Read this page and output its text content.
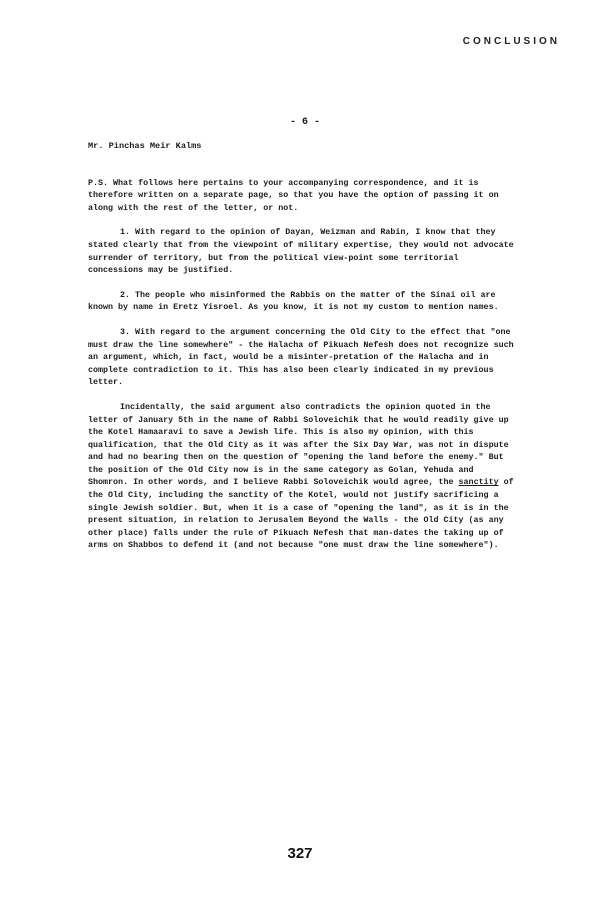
CONCLUSION
- 6 -

Mr. Pinchas Meir Kalms

P.S. What follows here pertains to your accompanying correspondence, and it is therefore written on a separate page, so that you have the option of passing it on along with the rest of the letter, or not.

1. With regard to the opinion of Dayan, Weizman and Rabin, I know that they stated clearly that from the viewpoint of military expertise, they would not advocate surrender of territory, but from the political view-point some territorial concessions may be justified.

2. The people who misinformed the Rabbis on the matter of the Sinai oil are known by name in Eretz Yisroel. As you know, it is not my custom to mention names.

3. With regard to the argument concerning the Old City to the effect that "one must draw the line somewhere" - the Halacha of Pikuach Nefesh does not recognize such an argument, which, in fact, would be a misinter-pretation of the Halacha and in complete contradiction to it. This has also been clearly indicated in my previous letter.

Incidentally, the said argument also contradicts the opinion quoted in the letter of January 5th in the name of Rabbi Soloveichik that he would readily give up the Kotel Hamaaravi to save a Jewish life. This is also my opinion, with this qualification, that the Old City as it was after the Six Day War, was not in dispute and had no bearing then on the question of "opening the land before the enemy." But the position of the Old City now is in the same category as Golan, Yehuda and Shomron. In other words, and I believe Rabbi Soloveichik would agree, the sanctity of the Old City, including the sanctity of the Kotel, would not justify sacrificing a single Jewish soldier. But, when it is a case of "opening the land", as it is in the present situation, in relation to Jerusalem Beyond the Walls - the Old City (as any other place) falls under the rule of Pikuach Nefesh that man-dates the taking up of arms on Shabbos to defend it (and not because "one must draw the line somewhere").

327
